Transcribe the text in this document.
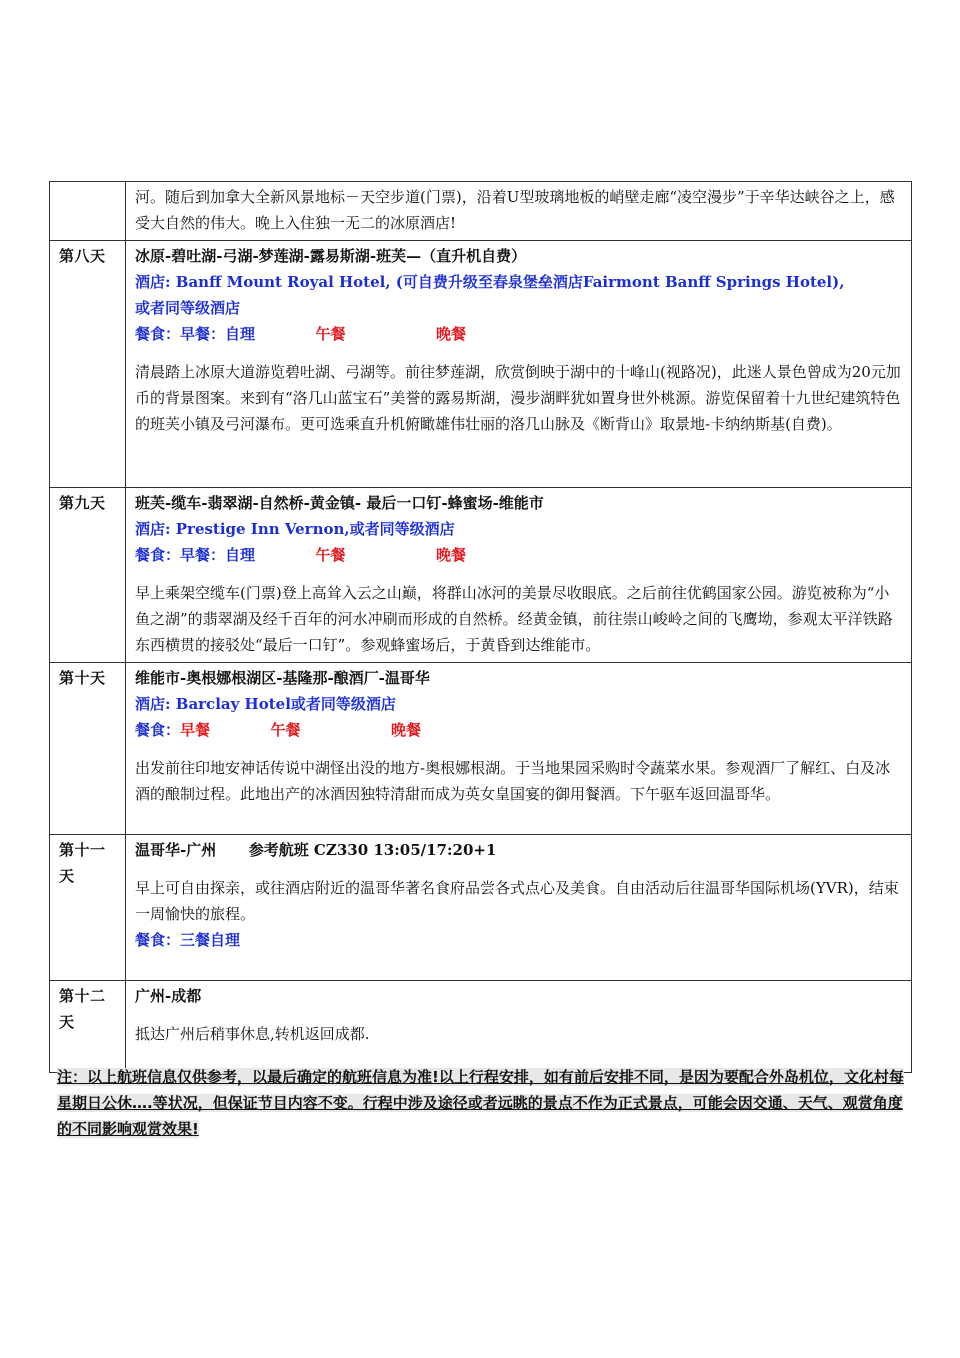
	河。随后到加拿大全新风景地标－天空步道(门票)，沿着U型玻璃地板的峭壁走廊“凌空漫步”于辛华达峡谷之上，感受大自然的伟大。晚上入住独一无二的冰原酒店!
第八天	冰原-碧吐湖-弓湖-梦莲湖-露易斯湖-班芙—（直升机自费）
酒店: Banff Mount Royal Hotel, (可自费升级至春泉堡垒酒店Fairmont Banff Springs Hotel),
或者同等级酒店
餐食：早餐：自理 午餐 晚餐

清晨踏上冰原大道游览碧吐湖、弓湖等。前往梦莲湖，欣赏倒映于湖中的十峰山(视路况)，此迷人景色曾成为20元加币的背景图案。来到有“洛几山蓝宝石”美誉的露易斯湖，漫步湖畔犹如置身世外桃源。游览保留着十九世纪建筑特色的班芙小镇及弓河瀑布。更可选乘直升机俯瞰雄伟壮丽的洛几山脉及《断背山》取景地-卡纳纳斯基(自费)。

第九天	班芙-缆车-翡翠湖-自然桥-黄金镇- 最后一口钉-蜂蜜场-维能市
酒店: Prestige Inn Vernon,或者同等级酒店
餐食：早餐：自理 午餐 晚餐

早上乘架空缆车(门票)登上高耸入云之山巅，将群山冰河的美景尽收眼底。之后前往优鹤国家公园。游览被称为“小鱼之湖”的翡翠湖及经千百年的河水冲刷而形成的自然桥。经黄金镇，前往崇山峻岭之间的飞鹰坳，参观太平洋铁路东西横贯的接驳处“最后一口钉”。参观蜂蜜场后，于黄昏到达维能市。

第十天	维能市-奥根娜根湖区-基隆那-酿酒厂-温哥华
酒店: Barclay Hotel或者同等级酒店
餐食：早餐 午餐 晚餐

出发前往印地安神话传说中湖怪出没的地方-奥根娜根湖。于当地果园采购时令蔬菜水果。参观酒厂了解红、白及冰酒的酿制过程。此地出产的冰酒因独特清甜而成为英女皇国宴的御用餐酒。下午驱车返回温哥华。

第十一天	温哥华-广州 参考航班 CZ330 13:05/17:20+1

早上可自由探亲，或往酒店附近的温哥华著名食府品尝各式点心及美食。自由活动后往温哥华国际机场(YVR)，结束一周愉快的旅程。

餐食：三餐自理

第十二天	广州-成都

抵达广州后稍事休息,转机返回成都.

注：以上航班信息仅供参考，以最后确定的航班信息为准!以上行程安排，如有前后安排不同，是因为要配合外岛机位，文化村每星期日公休….等状况，但保证节目内容不变。行程中涉及途径或者远眺的景点不作为正式景点，可能会因交通、天气、观赏角度的不同影响观赏效果!
